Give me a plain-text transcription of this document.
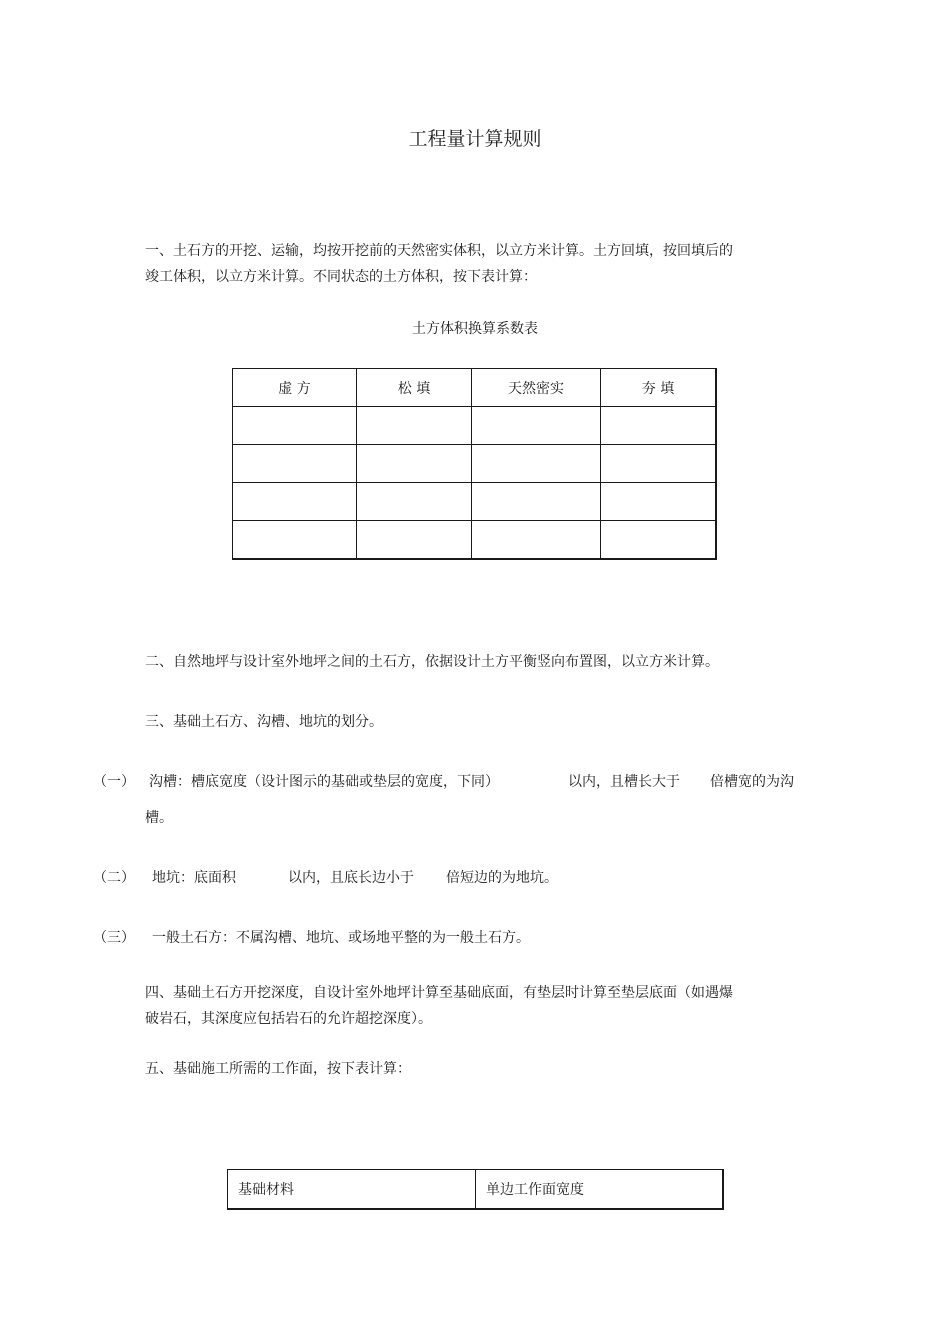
工程量计算规则
一、土石方的开挖、运输，均按开挖前的天然密实体积，以立方米计算。土方回填，按回填后的
竣工体积，以立方米计算。不同状态的土方体积，按下表计算：
土方体积换算系数表
虚 方	松 填	天然密实	夯 填

二、自然地坪与设计室外地坪之间的土石方，依据设计土方平衡竖向布置图，以立方米计算。
三、基础土石方、沟槽、地坑的划分。
（一） 沟槽：槽底宽度（设计图示的基础或垫层的宽度，下同）	以内，且槽长大于 倍槽宽的为沟
槽。
（二） 地坑：底面积	以内，且底长边小于 倍短边的为地坑。
（三） 一般土石方：不属沟槽、地坑、或场地平整的为一般土石方。
四、基础土石方开挖深度，自设计室外地坪计算至基础底面，有垫层时计算至垫层底面（如遇爆
破岩石，其深度应包括岩石的允许超挖深度）。
五、基础施工所需的工作面，按下表计算：
基础材料	单边工作面宽度
